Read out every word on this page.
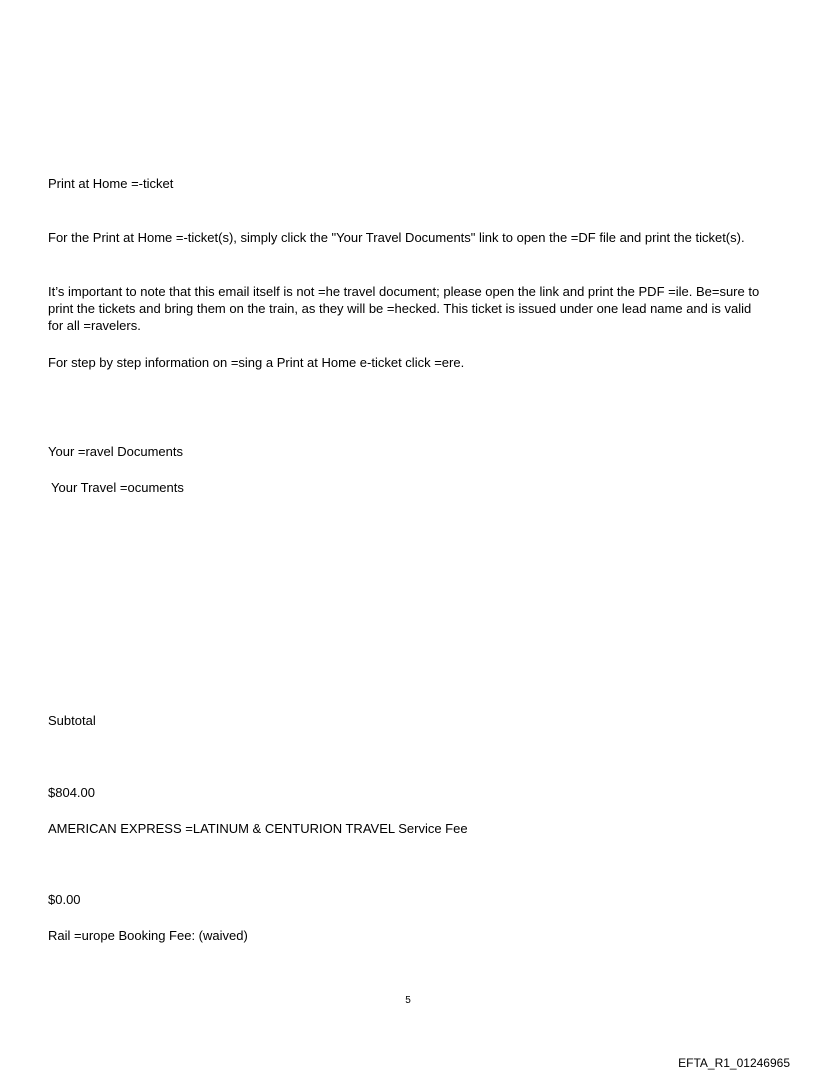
Print at Home =-ticket
For the Print at Home =-ticket(s), simply click the "Your Travel Documents" link to open the =DF file and print the ticket(s).
It’s important to note that this email itself is not =he travel document; please open the link and print the PDF =ile. Be=sure to print the tickets and bring them on the train, as they will be =hecked. This ticket is issued under one lead name and is valid for all =ravelers.
For step by step information on =sing a Print at Home e-ticket click =ere.
Your =ravel Documents
Your Travel =ocuments
Subtotal
$804.00
AMERICAN EXPRESS =LATINUM & CENTURION TRAVEL Service Fee
$0.00
Rail =urope Booking Fee: (waived)
5
EFTA_R1_01246965
